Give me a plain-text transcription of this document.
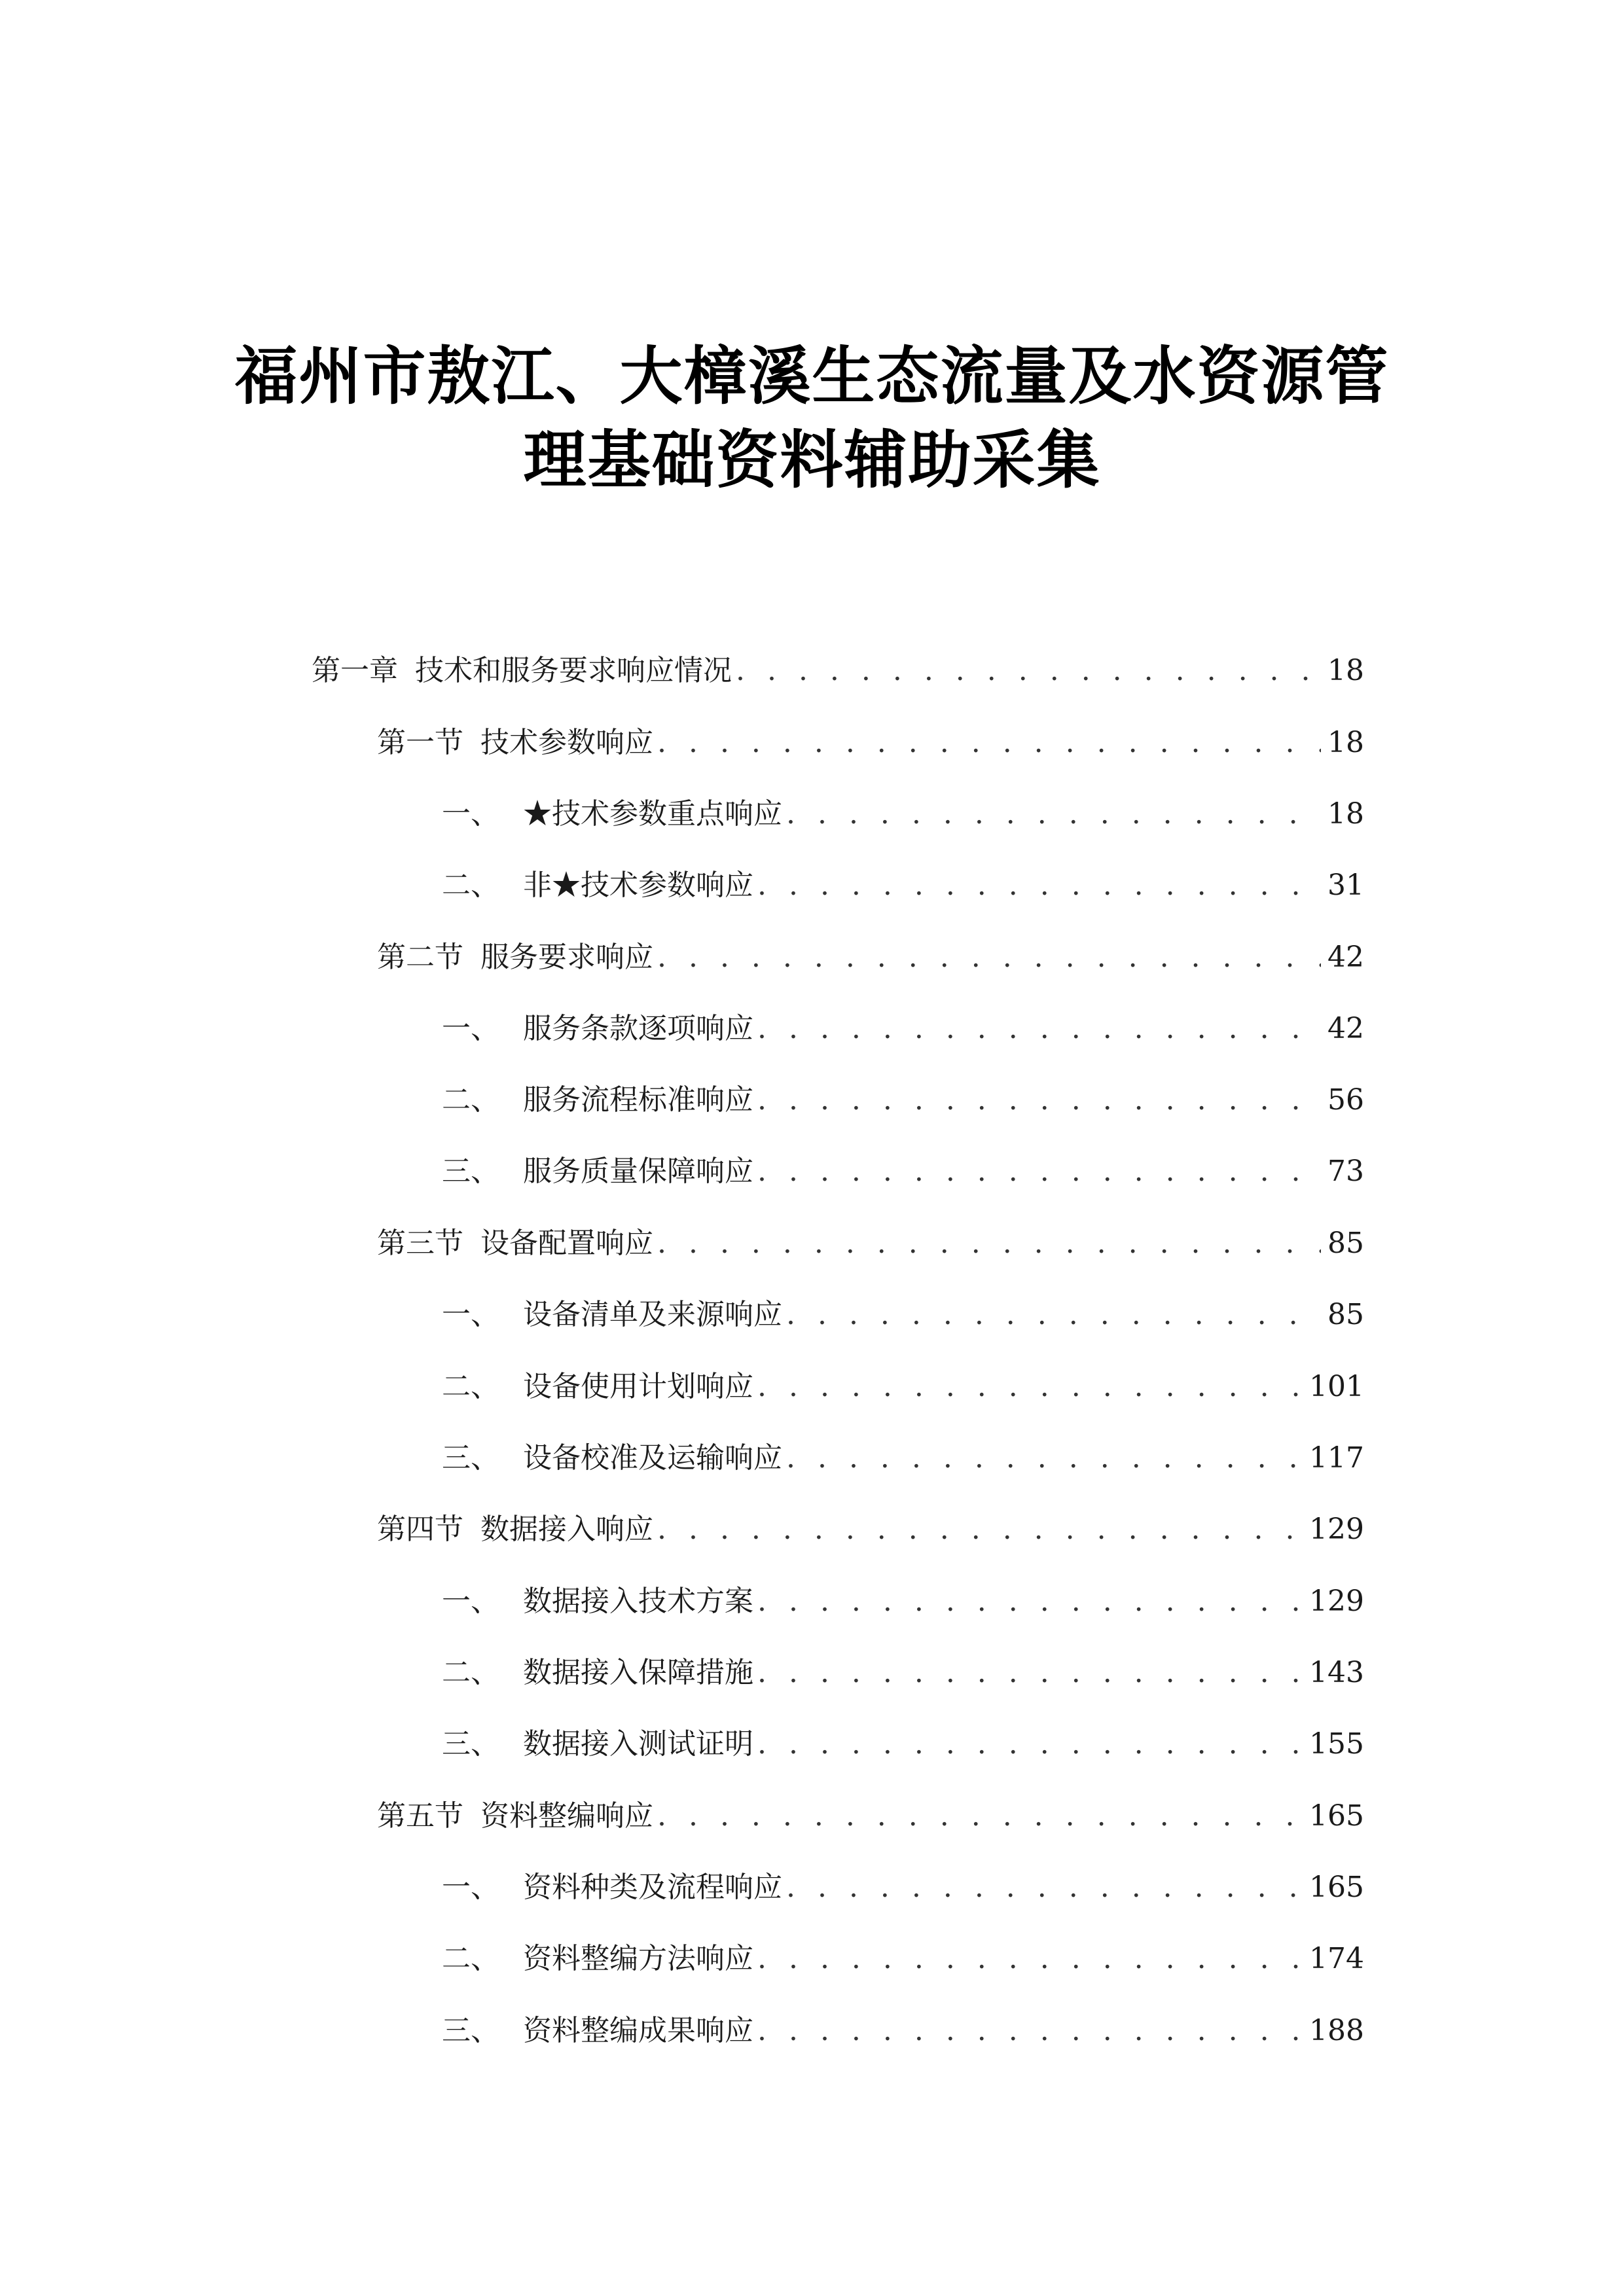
福州市敖江、大樟溪生态流量及水资源管
理基础资料辅助采集
第一章 技术和服务要求响应情况 . . .	18
第一节 技术参数响应 . . .	18
一、 ★技术参数重点响应 . . .	18
二、 非★技术参数响应 . . .	31
第二节 服务要求响应 . . .	42
一、 服务条款逐项响应 . . .	42
二、 服务流程标准响应 . . .	56
三、 服务质量保障响应 . . .	73
第三节 设备配置响应 . . .	85
一、 设备清单及来源响应 . . .	85
二、 设备使用计划响应 . . .	101
三、 设备校准及运输响应 . . .	117
第四节 数据接入响应 . . .	129
一、 数据接入技术方案 . . .	129
二、 数据接入保障措施 . . .	143
三、 数据接入测试证明 . . .	155
第五节 资料整编响应 . . .	165
一、 资料种类及流程响应 . . .	165
二、 资料整编方法响应 . . .	174
三、 资料整编成果响应 . . .	188
